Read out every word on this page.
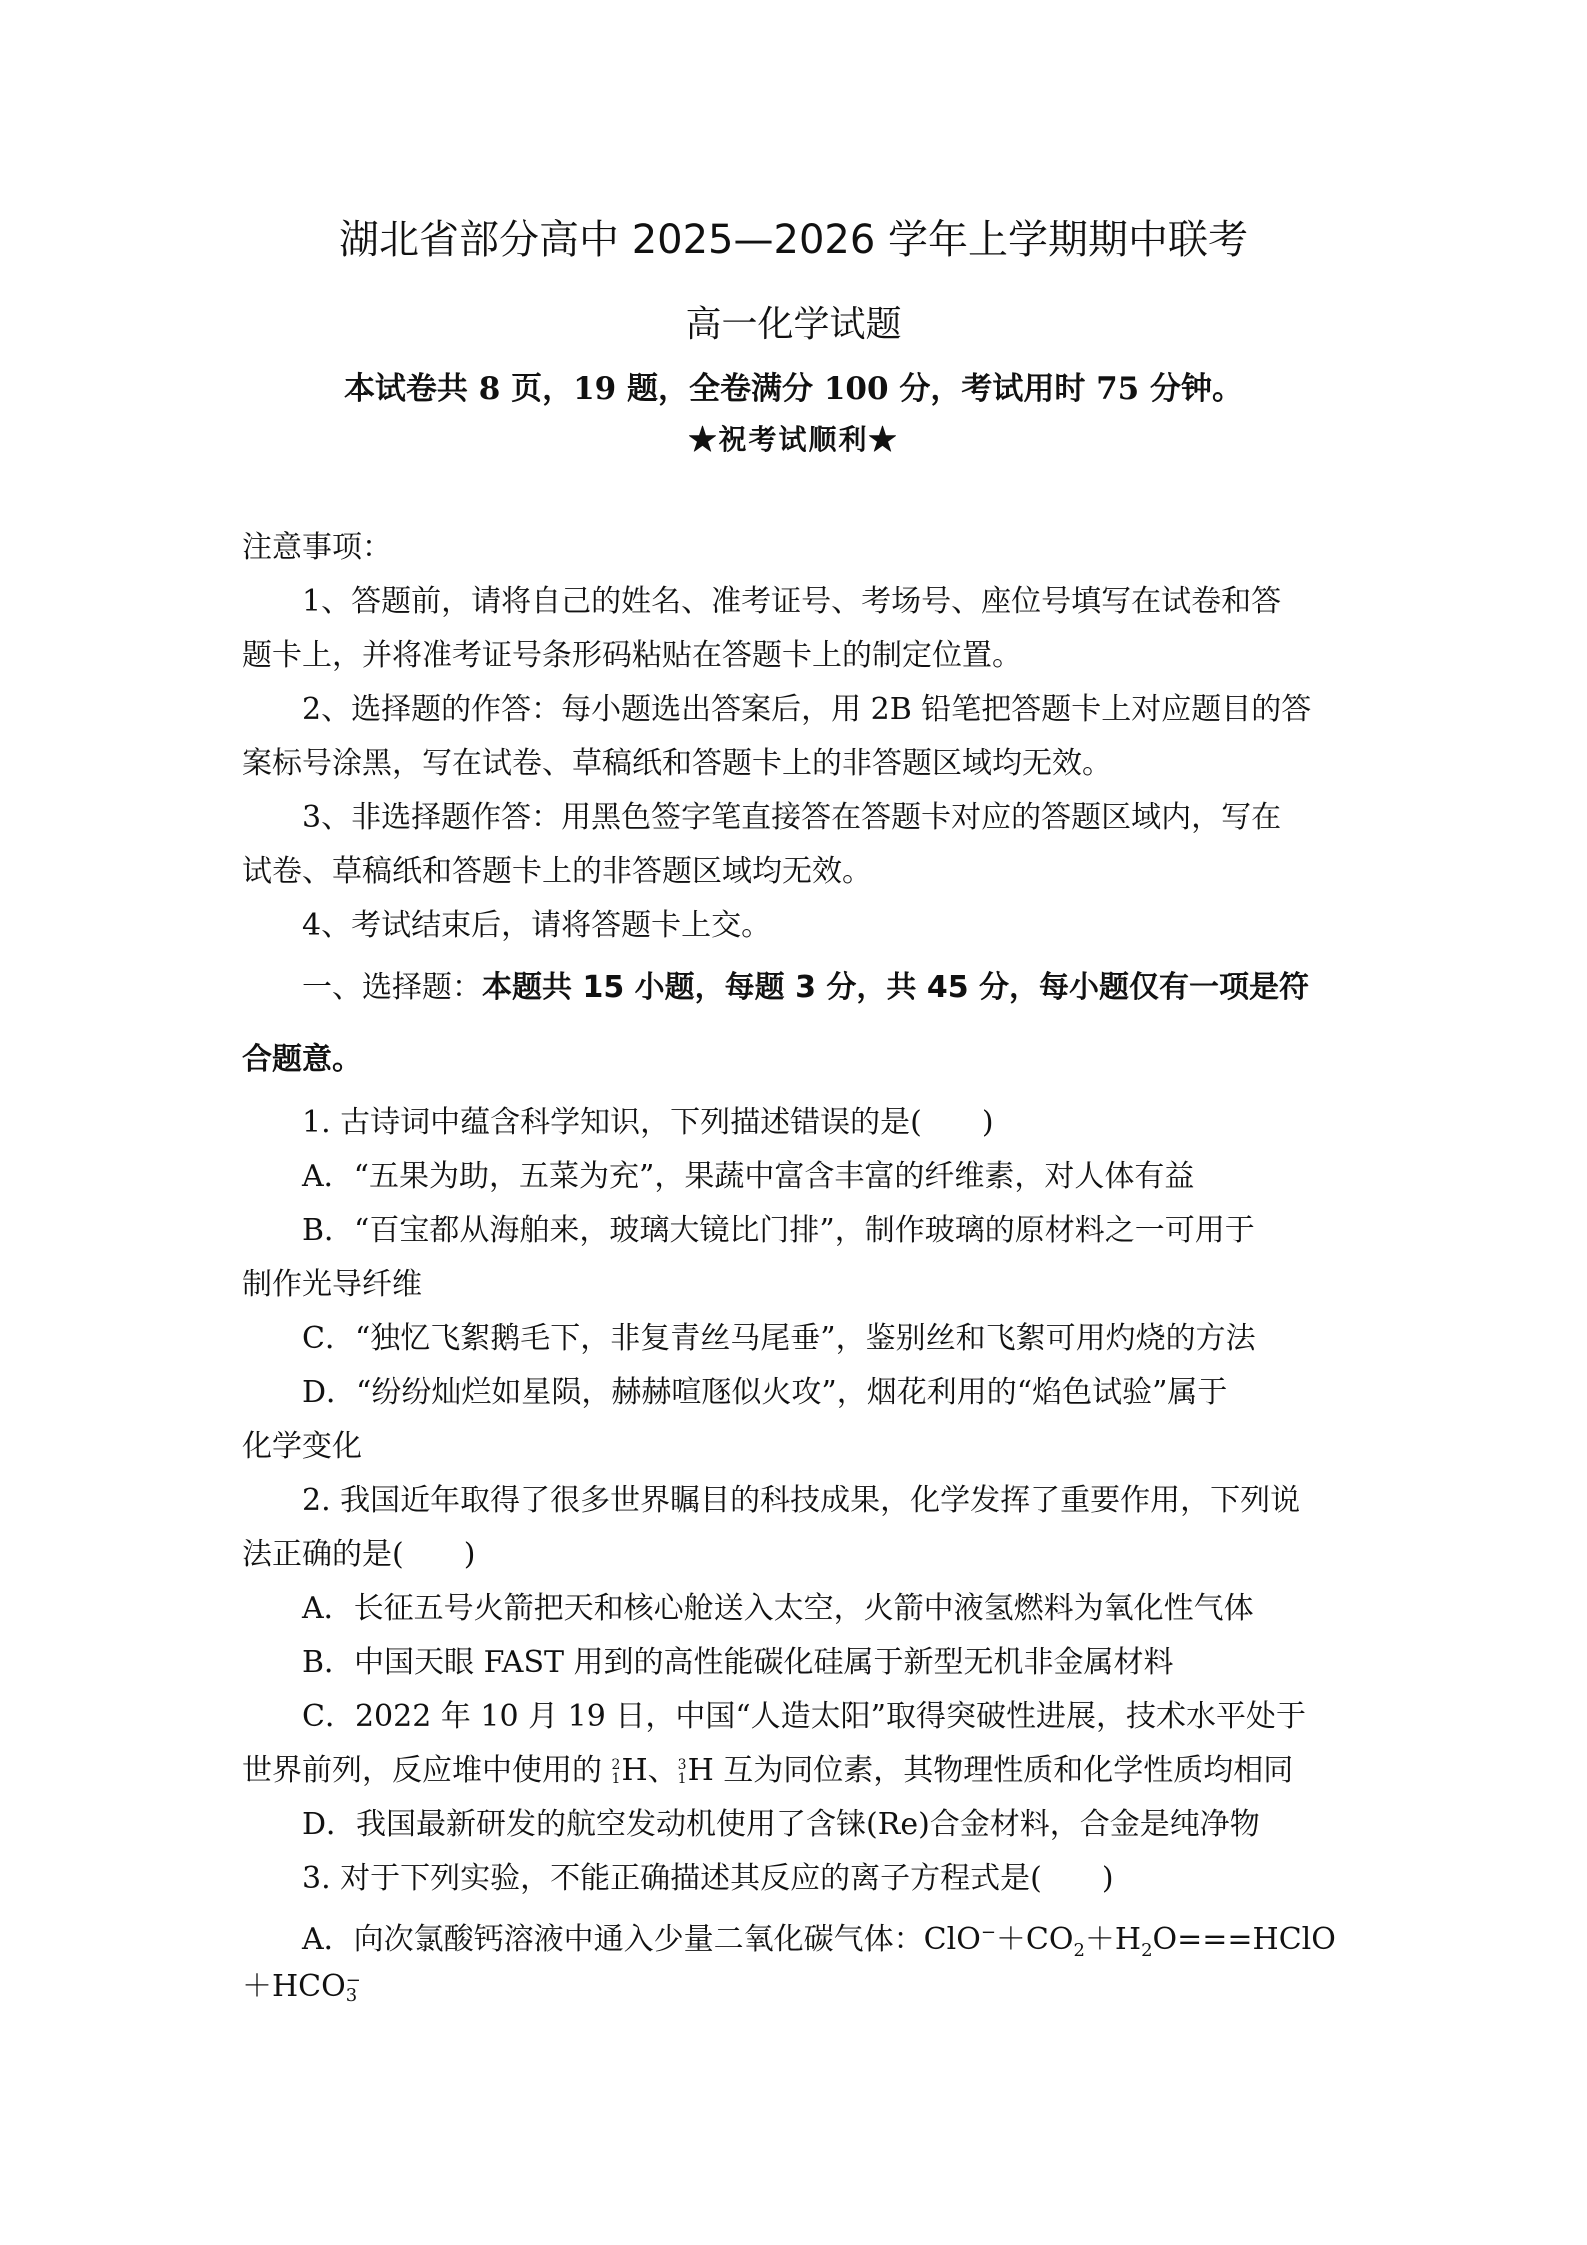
湖北省部分高中 2025—2026 学年上学期期中联考
高一化学试题
本试卷共 8 页，19 题，全卷满分 100 分，考试用时 75 分钟。
★祝考试顺利★
注意事项：
1、答题前，请将自己的姓名、准考证号、考场号、座位号填写在试卷和答
题卡上，并将准考证号条形码粘贴在答题卡上的制定位置。
2、选择题的作答：每小题选出答案后，用 2B 铅笔把答题卡上对应题目的答
案标号涂黑，写在试卷、草稿纸和答题卡上的非答题区域均无效。
3、非选择题作答：用黑色签字笔直接答在答题卡对应的答题区域内，写在
试卷、草稿纸和答题卡上的非答题区域均无效。
4、考试结束后，请将答题卡上交。
一、选择题：本题共 15 小题，每题 3 分，共 45 分，每小题仅有一项是符
合题意。
1. 古诗词中蕴含科学知识，下列描述错误的是(　　)
A．“五果为助，五菜为充”，果蔬中富含丰富的纤维素，对人体有益
B．“百宝都从海舶来，玻璃大镜比门排”，制作玻璃的原材料之一可用于
制作光导纤维
C．“独忆飞絮鹅毛下，非复青丝马尾垂”，鉴别丝和飞絮可用灼烧的方法
D．“纷纷灿烂如星陨，赫赫喧豗似火攻”，烟花利用的“焰色试验”属于
化学变化
2. 我国近年取得了很多世界瞩目的科技成果，化学发挥了重要作用，下列说
法正确的是(　　)
A．长征五号火箭把天和核心舱送入太空，火箭中液氢燃料为氧化性气体
B．中国天眼 FAST 用到的高性能碳化硅属于新型无机非金属材料
C．2022 年 10 月 19 日，中国“人造太阳”取得突破性进展，技术水平处于
世界前列，反应堆中使用的 2
1 H、 3
1 H 互为同位素，其物理性质和化学性质均相同
D．我国最新研发的航空发动机使用了含铼(Re)合金材料，合金是纯净物
3. 对于下列实验，不能正确描述其反应的离子方程式是(　　)
A．向次氯酸钙溶液中通入少量二氧化碳气体：$ClO^-+CO_2+H_2O===HClO$
＋HCO −
3
